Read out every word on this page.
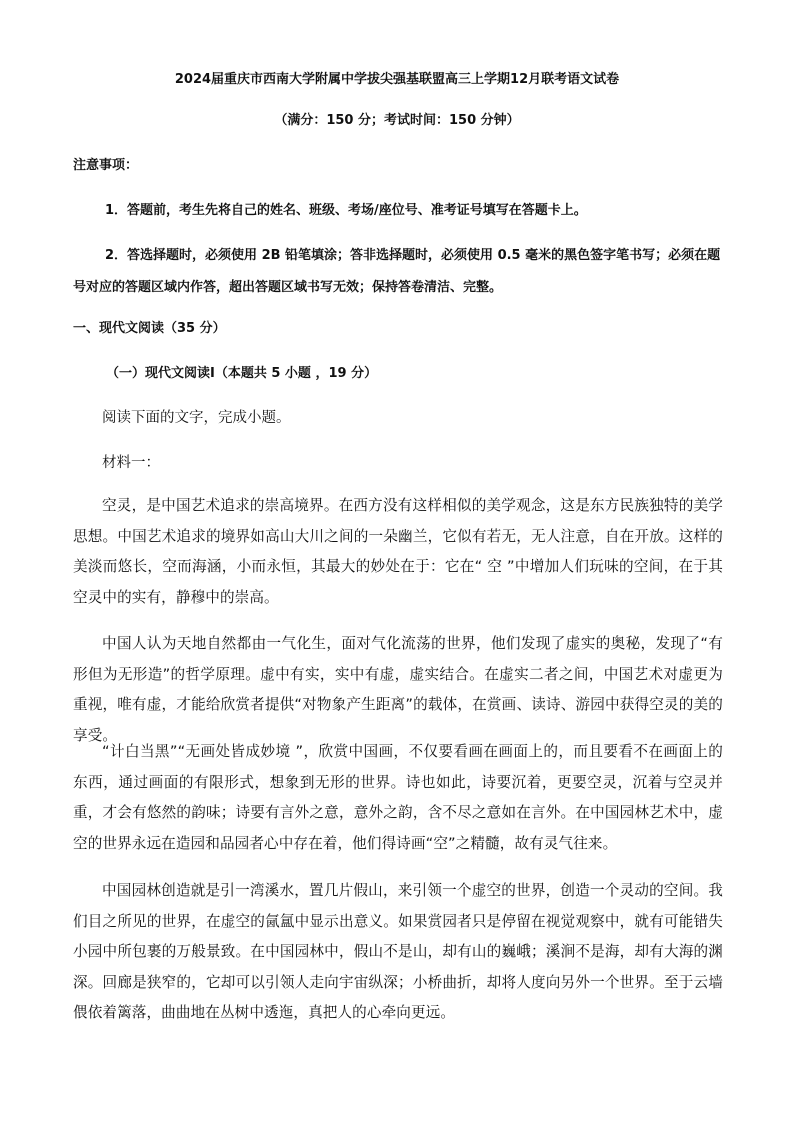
2024届重庆市西南大学附属中学拔尖强基联盟高三上学期12月联考语文试卷
（满分：150 分；考试时间：150 分钟）
注意事项：
1．答题前，考生先将自己的姓名、班级、考场/座位号、准考证号填写在答题卡上。
2．答选择题时，必须使用 2B 铅笔填涂；答非选择题时，必须使用 0.5 毫米的黑色签字笔书写；必须在题号对应的答题区域内作答，超出答题区域书写无效；保持答卷清洁、完整。
一、现代文阅读（35 分）
（一）现代文阅读Ⅰ（本题共 5 小题 ，19 分）
阅读下面的文字，完成小题。
材料一：
空灵，是中国艺术追求的崇高境界。在西方没有这样相似的美学观念，这是东方民族独特的美学思想。中国艺术追求的境界如高山大川之间的一朵幽兰，它似有若无，无人注意，自在开放。这样的美淡而悠长，空而海涵，小而永恒，其最大的妙处在于：它在“ 空 ”中增加人们玩味的空间，在于其空灵中的实有，静穆中的崇高。
中国人认为天地自然都由一气化生，面对气化流荡的世界，他们发现了虚实的奥秘，发现了“有形但为无形造”的哲学原理。虚中有实，实中有虚，虚实结合。在虚实二者之间，中国艺术对虚更为重视，唯有虚，才能给欣赏者提供“对物象产生距离”的载体，在赏画、读诗、游园中获得空灵的美的享受。
“计白当黑”“无画处皆成妙境 ”，欣赏中国画，不仅要看画在画面上的，而且要看不在画面上的东西，通过画面的有限形式，想象到无形的世界。诗也如此，诗要沉着，更要空灵，沉着与空灵并重，才会有悠然的韵味；诗要有言外之意，意外之韵，含不尽之意如在言外。在中国园林艺术中，虚空的世界永远在造园和品园者心中存在着，他们得诗画“空”之精髓，故有灵气往来。
中国园林创造就是引一湾溪水，置几片假山，来引领一个虚空的世界，创造一个灵动的空间。我们目之所见的世界，在虚空的氤氲中显示出意义。如果赏园者只是停留在视觉观察中，就有可能错失小园中所包裹的万般景致。在中国园林中，假山不是山，却有山的巍峨；溪涧不是海，却有大海的渊深。回廊是狭窄的，它却可以引领人走向宇宙纵深；小桥曲折，却将人度向另外一个世界。至于云墙偎依着篱落，曲曲地在丛树中透迤，真把人的心牵向更远。
